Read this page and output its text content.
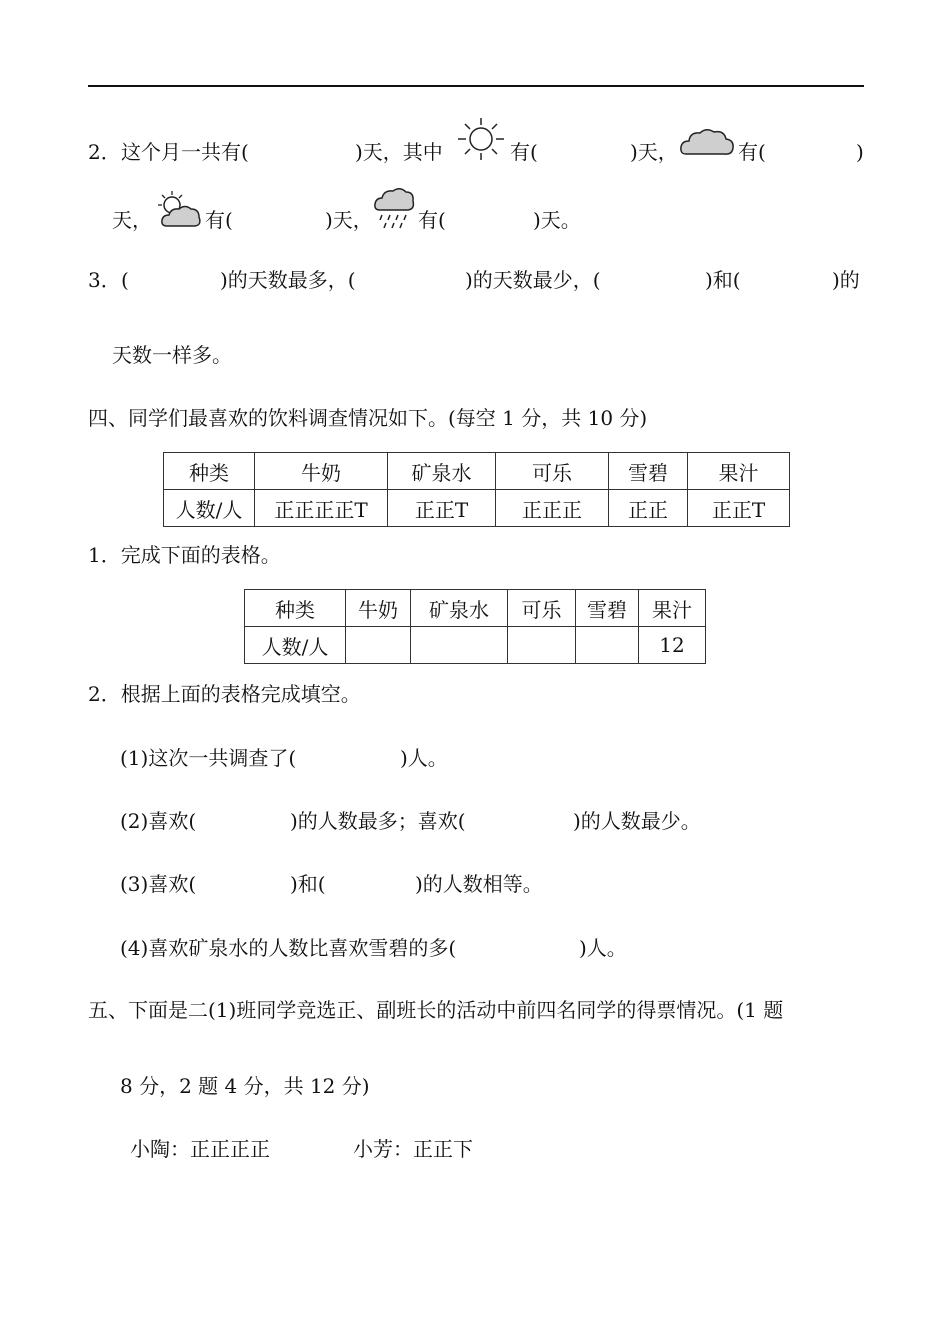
2． 这个月一共有(	)天，其中	有(	)天，	有(	)
天，	有(	)天， 有(	)天。
3． (	)的天数最多，(	)的天数最少，(	)和(	)的
天数一样多。
四、同学们最喜欢的饮料调查情况如下。(每空 1 分，共 10 分)
种类	牛奶	矿泉水	可乐	雪碧	果汁
人数/人	正正正正T	正正T	正正正	正正	正正T
1．完成下面的表格。
种类	牛奶	矿泉水	可乐	雪碧	果汁
人数/人					12
2．根据上面的表格完成填空。
(1)这次一共调查了(	)人。
(2)喜欢(	)的人数最多；喜欢(	)的人数最少。
(3)喜欢(	)和(	)的人数相等。
(4)喜欢矿泉水的人数比喜欢雪碧的多(	)人。
五、下面是二(1)班同学竞选正、副班长的活动中前四名同学的得票情况。(1 题
8 分，2 题 4 分，共 12 分)
小陶：正正正正	小芳：正正下
